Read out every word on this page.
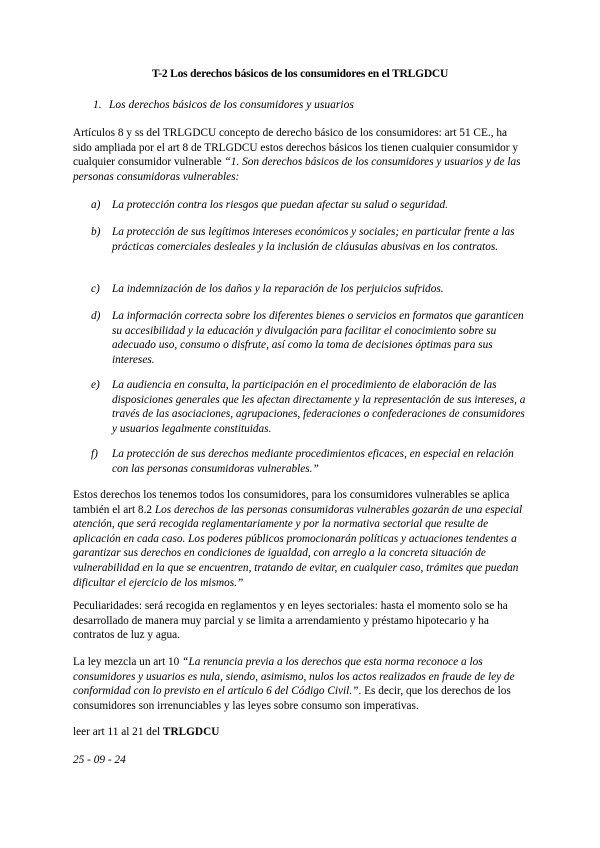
T-2 Los derechos básicos de los consumidores en el TRLGDCU
1. Los derechos básicos de los consumidores y usuarios

Artículos 8 y ss del TRLGDCU concepto de derecho básico de los consumidores: art 51 CE., ha sido ampliada por el art 8 de TRLGDCU estos derechos básicos los tienen cualquier consumidor y cualquier consumidor vulnerable “1. Son derechos básicos de los consumidores y usuarios y de las personas consumidoras vulnerables:

a) La protección contra los riesgos que puedan afectar su salud o seguridad.
b) La protección de sus legítimos intereses económicos y sociales; en particular frente a las prácticas comerciales desleales y la inclusión de cláusulas abusivas en los contratos.
c) La indemnización de los daños y la reparación de los perjuicios sufridos.
d) La información correcta sobre los diferentes bienes o servicios en formatos que garanticen su accesibilidad y la educación y divulgación para facilitar el conocimiento sobre su adecuado uso, consumo o disfrute, así como la toma de decisiones óptimas para sus intereses.
e) La audiencia en consulta, la participación en el procedimiento de elaboración de las disposiciones generales que les afectan directamente y la representación de sus intereses, a través de las asociaciones, agrupaciones, federaciones o confederaciones de consumidores y usuarios legalmente constituidas.
f) La protección de sus derechos mediante procedimientos eficaces, en especial en relación con las personas consumidoras vulnerables.”

Estos derechos los tenemos todos los consumidores, para los consumidores vulnerables se aplica también el art 8.2 Los derechos de las personas consumidoras vulnerables gozarán de una especial atención, que será recogida reglamentariamente y por la normativa sectorial que resulte de aplicación en cada caso. Los poderes públicos promocionarán políticas y actuaciones tendentes a garantizar sus derechos en condiciones de igualdad, con arreglo a la concreta situación de vulnerabilidad en la que se encuentren, tratando de evitar, en cualquier caso, trámites que puedan dificultar el ejercicio de los mismos.”

Peculiaridades: será recogida en reglamentos y en leyes sectoriales: hasta el momento solo se ha desarrollado de manera muy parcial y se limita a arrendamiento y préstamo hipotecario y ha contratos de luz y agua.

La ley mezcla un art 10 “La renuncia previa a los derechos que esta norma reconoce a los consumidores y usuarios es nula, siendo, asimismo, nulos los actos realizados en fraude de ley de conformidad con lo previsto en el artículo 6 del Código Civil.”. Es decir, que los derechos de los consumidores son irrenunciables y las leyes sobre consumo son imperativas.

leer art 11 al 21 del TRLGDCU

25 - 09 - 24
